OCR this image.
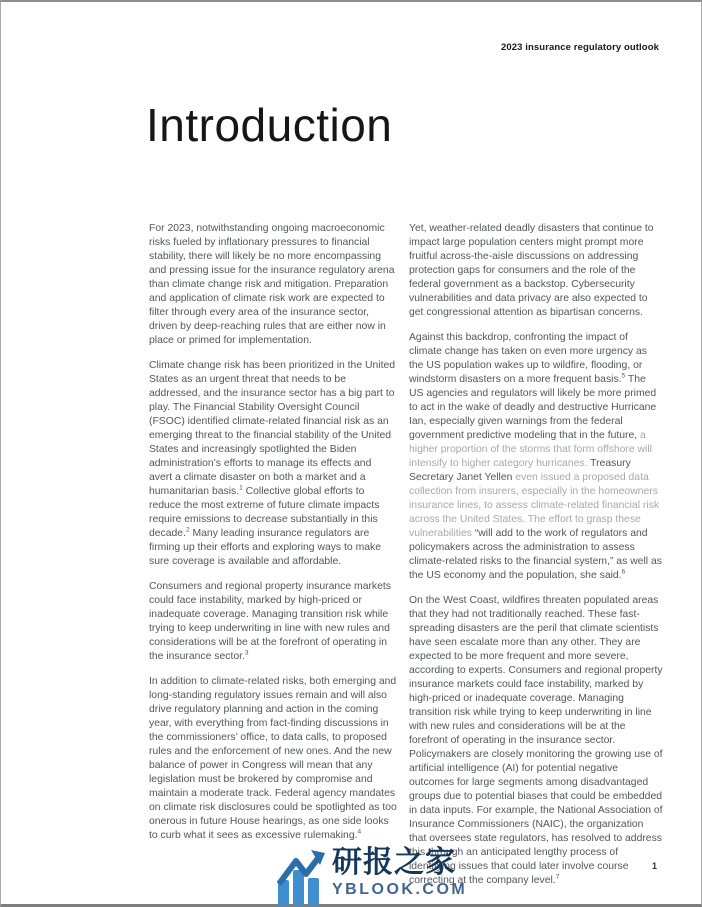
2023 insurance regulatory outlook
Introduction

For 2023, notwithstanding ongoing macroeconomic risks fueled by inflationary pressures to financial stability, there will likely be no more encompassing and pressing issue for the insurance regulatory arena than climate change risk and mitigation. Preparation and application of climate risk work are expected to filter through every area of the insurance sector, driven by deep-reaching rules that are either now in place or primed for implementation.

Climate change risk has been prioritized in the United States as an urgent threat that needs to be addressed, and the insurance sector has a big part to play. The Financial Stability Oversight Council (FSOC) identified climate-related financial risk as an emerging threat to the financial stability of the United States and increasingly spotlighted the Biden administration’s efforts to manage its effects and avert a climate disaster on both a market and a humanitarian basis.$^1$ Collective global efforts to reduce the most extreme of future climate impacts require emissions to decrease substantially in this decade.$^2$ Many leading insurance regulators are firming up their efforts and exploring ways to make sure coverage is available and affordable.

Consumers and regional property insurance markets could face instability, marked by high-priced or inadequate coverage. Managing transition risk while trying to keep underwriting in line with new rules and considerations will be at the forefront of operating in the insurance sector.$^3$

In addition to climate-related risks, both emerging and long-standing regulatory issues remain and will also drive regulatory planning and action in the coming year, with everything from fact-finding discussions in the commissioners’ office, to data calls, to proposed rules and the enforcement of new ones. And the new balance of power in Congress will mean that any legislation must be brokered by compromise and maintain a moderate track. Federal agency mandates on climate risk disclosures could be spotlighted as too onerous in future House hearings, as one side looks to curb what it sees as excessive rulemaking.$^4$

Yet, weather-related deadly disasters that continue to impact large population centers might prompt more fruitful across-the-aisle discussions on addressing protection gaps for consumers and the role of the federal government as a backstop. Cybersecurity vulnerabilities and data privacy are also expected to get congressional attention as bipartisan concerns.

Against this backdrop, confronting the impact of climate change has taken on even more urgency as the US population wakes up to wildfire, flooding, or windstorm disasters on a more frequent basis.$^5$ The US agencies and regulators will likely be more primed to act in the wake of deadly and destructive Hurricane Ian, especially given warnings from the federal government predictive modeling that in the future, a higher proportion of the storms that form offshore will intensify to higher category hurricanes. Treasury Secretary Janet Yellen even issued a proposed data collection from insurers, especially in the homeowners insurance lines, to assess climate-related financial risk across the United States. The effort to grasp these vulnerabilities “will add to the work of regulators and policymakers across the administration to assess climate-related risks to the financial system,” as well as the US economy and the population, she said.$^6$

On the West Coast, wildfires threaten populated areas that they had not traditionally reached. These fast-spreading disasters are the peril that climate scientists have seen escalate more than any other. They are expected to be more frequent and more severe, according to experts. Consumers and regional property insurance markets could face instability, marked by high-priced or inadequate coverage. Managing transition risk while trying to keep underwriting in line with new rules and considerations will be at the forefront of operating in the insurance sector. Policymakers are closely monitoring the growing use of artificial intelligence (AI) for potential negative outcomes for large segments among disadvantaged groups due to potential biases that could be embedded in data inputs. For example, the National Association of Insurance Commissioners (NAIC), the organization that oversees state regulators, has resolved to address this through an anticipated lengthy process of identifying issues that could later involve course correcting at the company level.$^7$

研报之家
YBLOOK.COM
1
